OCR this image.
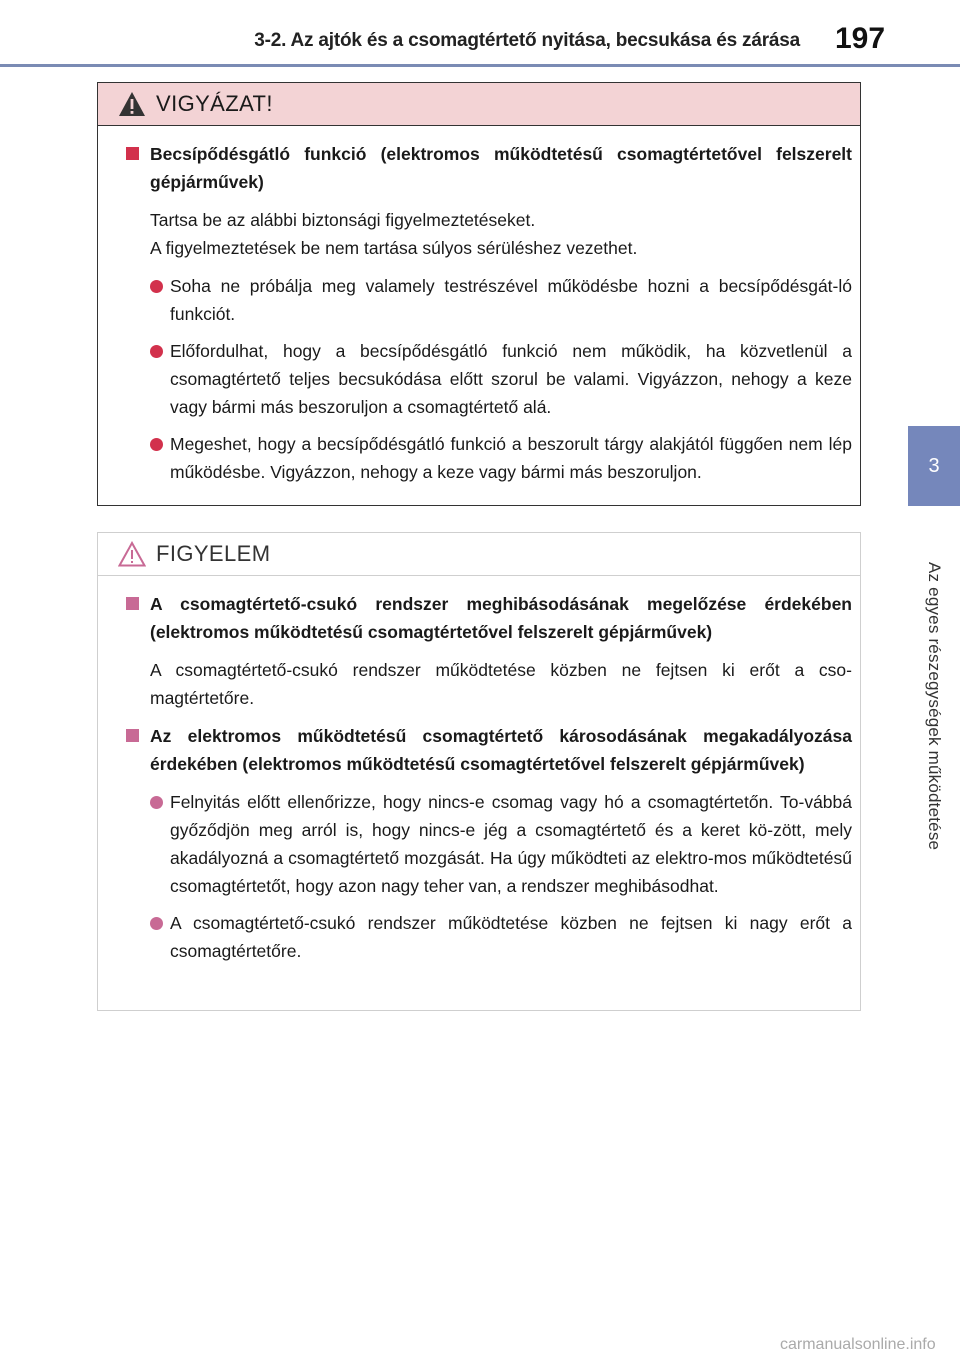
3-2. Az ajtók és a csomagtértető nyitása, becsukása és zárása	197
3
Az egyes részegységek működtetése
VIGYÁZAT!
Becsípődésgátló funkció (elektromos működtetésű csomagtértetővel felszerelt gépjárművek)
Tartsa be az alábbi biztonsági figyelmeztetéseket.
A figyelmeztetések be nem tartása súlyos sérüléshez vezethet.
Soha ne próbálja meg valamely testrészével működésbe hozni a becsípődésgát-ló funkciót.
Előfordulhat, hogy a becsípődésgátló funkció nem működik, ha közvetlenül a csomagtértető teljes becsukódása előtt szorul be valami. Vigyázzon, nehogy a keze vagy bármi más beszoruljon a csomagtértető alá.
Megeshet, hogy a becsípődésgátló funkció a beszorult tárgy alakjától függően nem lép működésbe. Vigyázzon, nehogy a keze vagy bármi más beszoruljon.
FIGYELEM
A csomagtértető-csukó rendszer meghibásodásának megelőzése érdekében (elektromos működtetésű csomagtértetővel felszerelt gépjárművek)
A csomagtértető-csukó rendszer működtetése közben ne fejtsen ki erőt a cso-magtértetőre.
Az elektromos működtetésű csomagtértető károsodásának megakadályozása érdekében (elektromos működtetésű csomagtértetővel felszerelt gépjárművek)
Felnyitás előtt ellenőrizze, hogy nincs-e csomag vagy hó a csomagtértetőn. To-vábbá győződjön meg arról is, hogy nincs-e jég a csomagtértető és a keret kö-zött, mely akadályozná a csomagtértető mozgását. Ha úgy működteti az elektro-mos működtetésű csomagtértetőt, hogy azon nagy teher van, a rendszer meghibásodhat.
A csomagtértető-csukó rendszer működtetése közben ne fejtsen ki nagy erőt a csomagtértetőre.
carmanualsonline.info
